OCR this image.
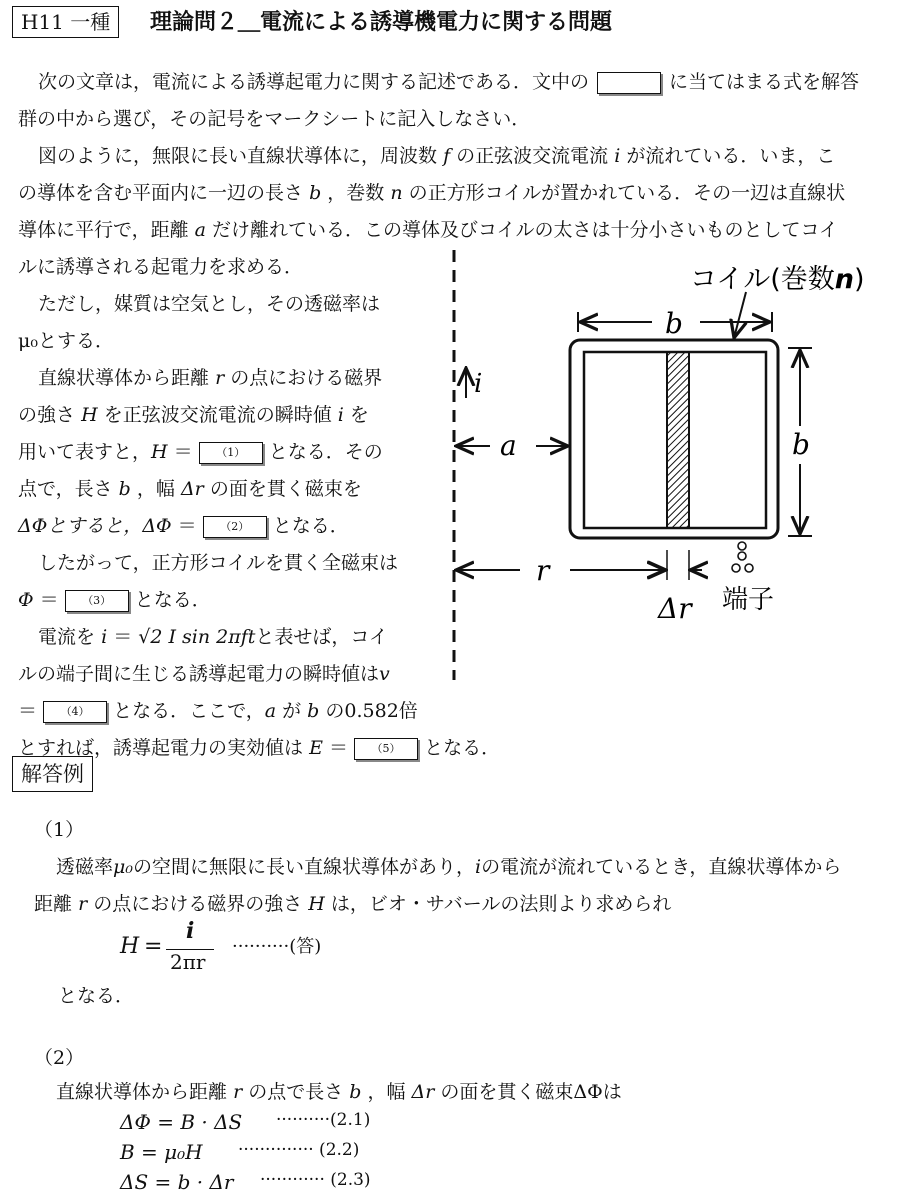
H11 一種	理論問２＿電流による誘導機電力に関する問題
次の文章は，電流による誘導起電力に関する記述である．文中の	に当てはまる式を解答
群の中から選び，その記号をマークシートに記入しなさい．
図のように，無限に長い直線状導体に，周波数 f の正弦波交流電流 i が流れている．いま，こ
の導体を含む平面内に一辺の長さ b ，巻数 n の正方形コイルが置かれている．その一辺は直線状
導体に平行で，距離 a だけ離れている．この導体及びコイルの太さは十分小さいものとしてコイ
ルに誘導される起電力を求める．
ただし，媒質は空気とし，その透磁率は
μ₀とする．
直線状導体から距離 r の点における磁界
の強さ H を正弦波交流電流の瞬時値 i を
用いて表すと，H ＝ （1） となる．その
点で，長さ b ，幅 Δr の面を貫く磁束を
ΔΦとすると，ΔΦ ＝ （2） となる．
したがって，正方形コイルを貫く全磁束は
Φ ＝ （3） となる．
電流を i ＝ √2 I sin 2πftと表せば，コイ
ルの端子間に生じる誘導起電力の瞬時値はv
＝ （4） となる．ここで，a が b の0.582倍
とすれば，誘導起電力の実効値は E ＝ （5） となる．
i
b
コイル(巻数n)
b
a
r
Δr 端子
解答例
（1）
透磁率μ₀の空間に無限に長い直線状導体があり，iの電流が流れているとき，直線状導体から
距離 r の点における磁界の強さ H は，ビオ・サバールの法則より求められ
H =
i
2πr
··········(答)
となる．
（2）
直線状導体から距離 r の点で長さ b ，幅 Δr の面を貫く磁束ΔΦは
ΔΦ = B · ΔS ··········(2.1)
B = μ₀H ·············· (2.2)
ΔS = b · Δr ············ (2.3)
